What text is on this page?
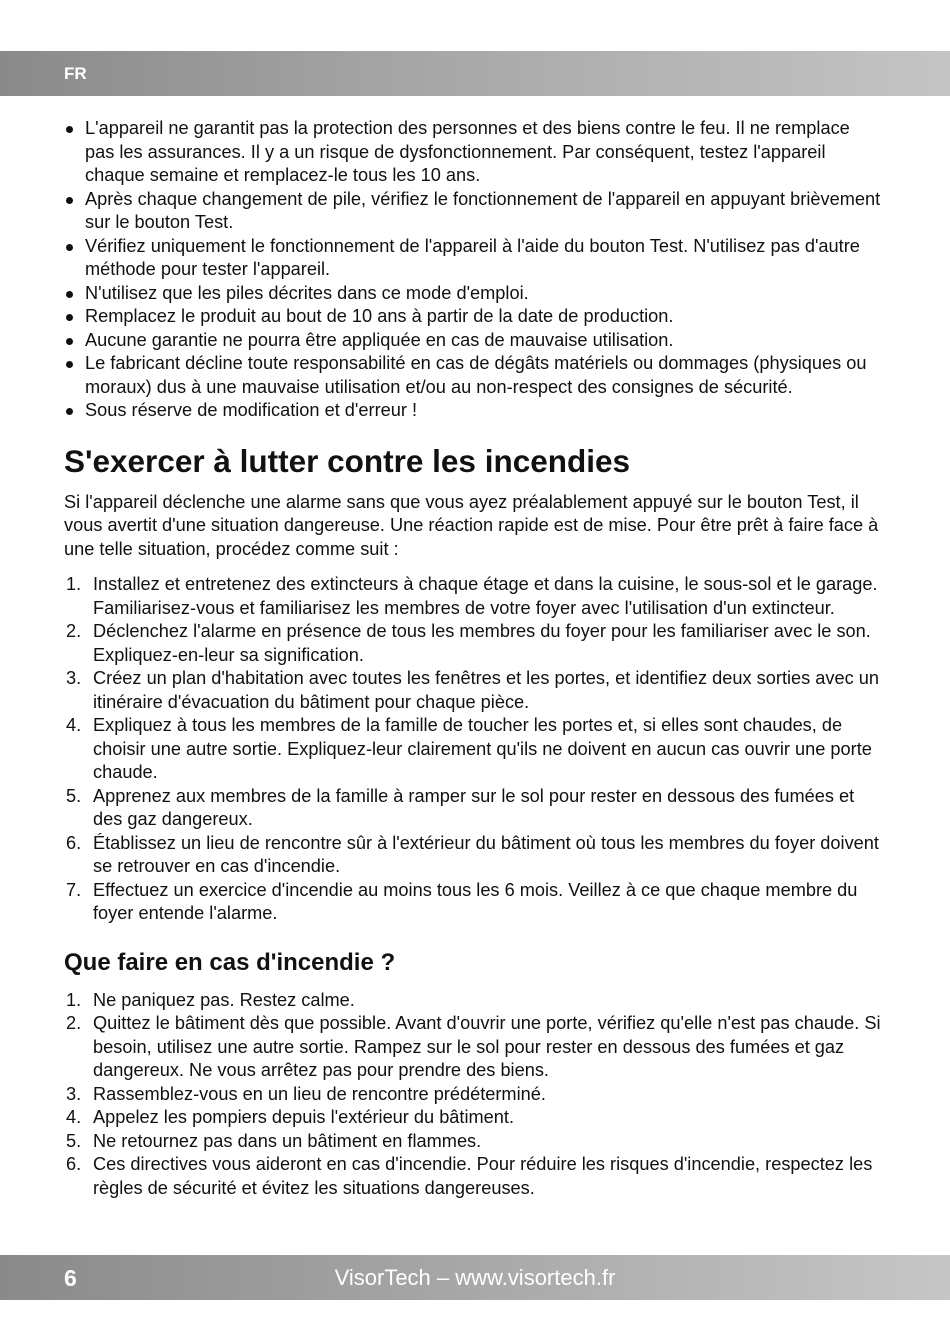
FR
L'appareil ne garantit pas la protection des personnes et des biens contre le feu. Il ne remplace pas les assurances. Il y a un risque de dysfonctionnement. Par conséquent, testez l'appareil chaque semaine et remplacez-le tous les 10 ans.
Après chaque changement de pile, vérifiez le fonctionnement de l'appareil en appuyant brièvement sur le bouton Test.
Vérifiez uniquement le fonctionnement de l'appareil à l'aide du bouton Test. N'utilisez pas d'autre méthode pour tester l'appareil.
N'utilisez que les piles décrites dans ce mode d'emploi.
Remplacez le produit au bout de 10 ans à partir de la date de production.
Aucune garantie ne pourra être appliquée en cas de mauvaise utilisation.
Le fabricant décline toute responsabilité en cas de dégâts matériels ou dommages (physiques ou moraux) dus à une mauvaise utilisation et/ou au non-respect des consignes de sécurité.
Sous réserve de modification et d'erreur !
S'exercer à lutter contre les incendies

Si l'appareil déclenche une alarme sans que vous ayez préalablement appuyé sur le bouton Test, il vous avertit d'une situation dangereuse. Une réaction rapide est de mise. Pour être prêt à faire face à une telle situation, procédez comme suit :

1. Installez et entretenez des extincteurs à chaque étage et dans la cuisine, le sous-sol et le garage. Familiarisez-vous et familiarisez les membres de votre foyer avec l'utilisation d'un extincteur.
2. Déclenchez l'alarme en présence de tous les membres du foyer pour les familiariser avec le son. Expliquez-en-leur sa signification.
3. Créez un plan d'habitation avec toutes les fenêtres et les portes, et identifiez deux sorties avec un itinéraire d'évacuation du bâtiment pour chaque pièce.
4. Expliquez à tous les membres de la famille de toucher les portes et, si elles sont chaudes, de choisir une autre sortie. Expliquez-leur clairement qu'ils ne doivent en aucun cas ouvrir une porte chaude.
5. Apprenez aux membres de la famille à ramper sur le sol pour rester en dessous des fumées et des gaz dangereux.
6. Établissez un lieu de rencontre sûr à l'extérieur du bâtiment où tous les membres du foyer doivent se retrouver en cas d'incendie.
7. Effectuez un exercice d'incendie au moins tous les 6 mois. Veillez à ce que chaque membre du foyer entende l'alarme.
Que faire en cas d'incendie ?
1. Ne paniquez pas. Restez calme.
2. Quittez le bâtiment dès que possible. Avant d'ouvrir une porte, vérifiez qu'elle n'est pas chaude. Si besoin, utilisez une autre sortie. Rampez sur le sol pour rester en dessous des fumées et gaz dangereux. Ne vous arrêtez pas pour prendre des biens.
3. Rassemblez-vous en un lieu de rencontre prédéterminé.
4. Appelez les pompiers depuis l'extérieur du bâtiment.
5. Ne retournez pas dans un bâtiment en flammes.
6. Ces directives vous aideront en cas d'incendie. Pour réduire les risques d'incendie, respectez les règles de sécurité et évitez les situations dangereuses.
6	VisorTech – www.visortech.fr
